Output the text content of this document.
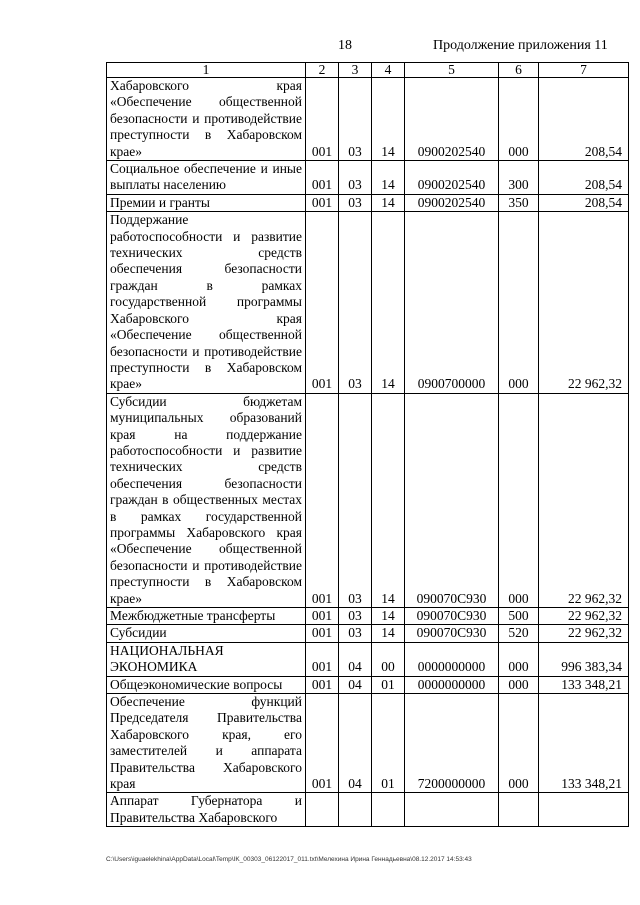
18	Продолжение приложения 11
1	2	3	4	5	6	7
Хабаровского края «Обеспечение общественной безопасности и противодействие преступности в Хабаровском крае»	001	03	14	0900202540	000	208,54
Социальное обеспечение и иные выплаты населению	001	03	14	0900202540	300	208,54
Премии и гранты	001	03	14	0900202540	350	208,54
Поддержание работоспособности и развитие технических средств обеспечения безопасности граждан в рамках государственной программы Хабаровского края «Обеспечение общественной безопасности и противодействие преступности в Хабаровском крае»	001	03	14	0900700000	000	22 962,32
Субсидии бюджетам муниципальных образований края на поддержание работоспособности и развитие технических средств обеспечения безопасности граждан в общественных местах в рамках государственной программы Хабаровского края «Обеспечение общественной безопасности и противодействие преступности в Хабаровском крае»	001	03	14	090070С930	000	22 962,32
Межбюджетные трансферты	001	03	14	090070С930	500	22 962,32
Субсидии	001	03	14	090070С930	520	22 962,32
НАЦИОНАЛЬНАЯ ЭКОНОМИКА	001	04	00	0000000000	000	996 383,34
Общеэкономические вопросы	001	04	01	0000000000	000	133 348,21
Обеспечение функций Председателя Правительства Хабаровского края, его заместителей и аппарата Правительства Хабаровского края	001	04	01	7200000000	000	133 348,21
Аппарат Губернатора и Правительства Хабаровского						
C:\Users\iguaelekhina\AppData\Local\Temp\IK_00303_06122017_011.txt\Мелехина Ирина Геннадьевна\08.12.2017 14:53:43
